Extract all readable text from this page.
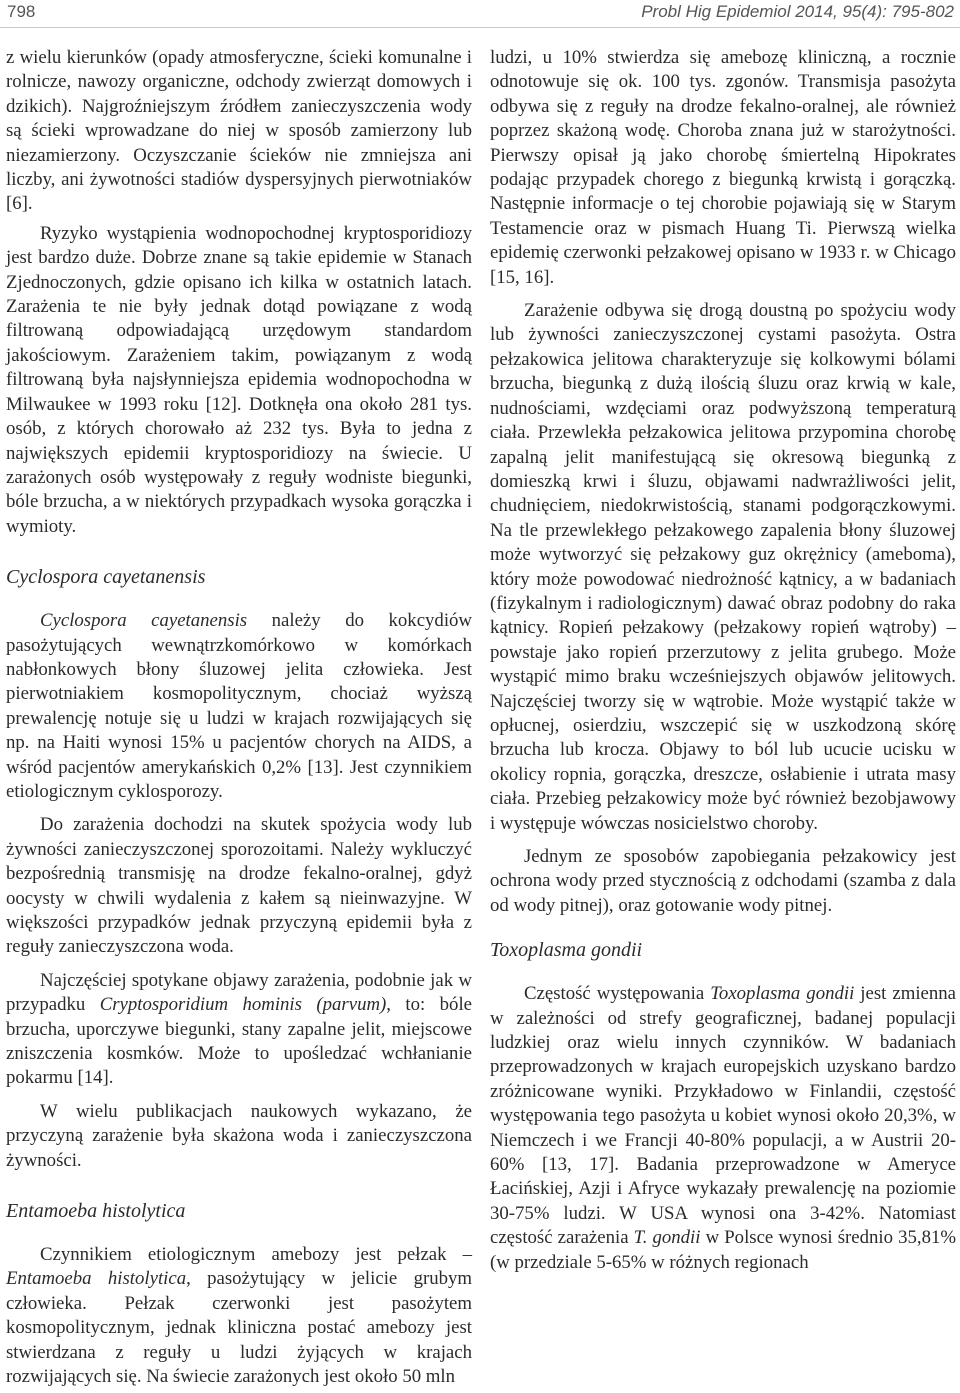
798	Probl Hig Epidemiol 2014, 95(4): 795-802

z wielu kierunków (opady atmosferyczne, ścieki komunalne i rolnicze, nawozy organiczne, odchody zwierząt domowych i dzikich). Najgroźniejszym źródłem zanieczyszczenia wody są ścieki wprowadzane do niej w sposób zamierzony lub niezamierzony. Oczyszczanie ścieków nie zmniejsza ani liczby, ani żywotności stadiów dyspersyjnych pierwotniaków [6].

Ryzyko wystąpienia wodnopochodnej kryptosporidiozy jest bardzo duże. Dobrze znane są takie epidemie w Stanach Zjednoczonych, gdzie opisano ich kilka w ostatnich latach. Zarażenia te nie były jednak dotąd powiązane z wodą filtrowaną odpowiadającą urzędowym standardom jakościowym. Zarażeniem takim, powiązanym z wodą filtrowaną była najsłynniejsza epidemia wodnopochodna w Milwaukee w 1993 roku [12]. Dotknęła ona około 281 tys. osób, z których chorowało aż 232 tys. Była to jedna z największych epidemii kryptosporidiozy na świecie. U zarażonych osób występowały z reguły wodniste biegunki, bóle brzucha, a w niektórych przypadkach wysoka gorączka i wymioty.

Cyclospora cayetanensis

Cyclospora cayetanensis należy do kokcydiów pasożytujących wewnątrzkomórkowo w komórkach nabłonkowych błony śluzowej jelita człowieka. Jest pierwotniakiem kosmopolitycznym, chociaż wyższą prewalencję notuje się u ludzi w krajach rozwijających się np. na Haiti wynosi 15% u pacjentów chorych na AIDS, a wśród pacjentów amerykańskich 0,2% [13]. Jest czynnikiem etiologicznym cyklosporozy.

Do zarażenia dochodzi na skutek spożycia wody lub żywności zanieczyszczonej sporozoitami. Należy wykluczyć bezpośrednią transmisję na drodze fekalno-oralnej, gdyż oocysty w chwili wydalenia z kałem są nieinwazyjne. W większości przypadków jednak przyczyną epidemii była z reguły zanieczyszczona woda.

Najczęściej spotykane objawy zarażenia, podobnie jak w przypadku Cryptosporidium hominis (parvum), to: bóle brzucha, uporczywe biegunki, stany zapalne jelit, miejscowe zniszczenia kosmków. Może to upośledzać wchłanianie pokarmu [14].

W wielu publikacjach naukowych wykazano, że przyczyną zarażenie była skażona woda i zanieczyszczona żywności.

Entamoeba histolytica

Czynnikiem etiologicznym amebozy jest pełzak – Entamoeba histolytica, pasożytujący w jelicie grubym człowieka. Pełzak czerwonki jest pasożytem kosmopolitycznym, jednak kliniczna postać amebozy jest stwierdzana z reguły u ludzi żyjących w krajach rozwijających się. Na świecie zarażonych jest około 50 mln

ludzi, u 10% stwierdza się amebozę kliniczną, a rocznie odnotowuje się ok. 100 tys. zgonów. Transmisja pasożyta odbywa się z reguły na drodze fekalno-oralnej, ale również poprzez skażoną wodę. Choroba znana już w starożytności. Pierwszy opisał ją jako chorobę śmiertelną Hipokrates podając przypadek chorego z biegunką krwistą i gorączką. Następnie informacje o tej chorobie pojawiają się w Starym Testamencie oraz w pismach Huang Ti. Pierwszą wielka epidemię czerwonki pełzakowej opisano w 1933 r. w Chicago [15, 16].

Zarażenie odbywa się drogą doustną po spożyciu wody lub żywności zanieczyszczonej cystami pasożyta. Ostra pełzakowica jelitowa charakteryzuje się kolkowymi bólami brzucha, biegunką z dużą ilością śluzu oraz krwią w kale, nudnościami, wzdęciami oraz podwyższoną temperaturą ciała. Przewlekła pełzakowica jelitowa przypomina chorobę zapalną jelit manifestującą się okresową biegunką z domieszką krwi i śluzu, objawami nadwrażliwości jelit, chudnięciem, niedokrwistością, stanami podgorączkowymi. Na tle przewlekłego pełzakowego zapalenia błony śluzowej może wytworzyć się pełzakowy guz okrężnicy (ameboma), który może powodować niedrożność kątnicy, a w badaniach (fizykalnym i radiologicznym) dawać obraz podobny do raka kątnicy. Ropień pełzakowy (pełzakowy ropień wątroby) – powstaje jako ropień przerzutowy z jelita grubego. Może wystąpić mimo braku wcześniejszych objawów jelitowych. Najczęściej tworzy się w wątrobie. Może wystąpić także w opłucnej, osierdziu, wszczepić się w uszkodzoną skórę brzucha lub krocza. Objawy to ból lub ucucie ucisku w okolicy ropnia, gorączka, dreszcze, osłabienie i utrata masy ciała. Przebieg pełzakowicy może być również bezobjawowy i występuje wówczas nosicielstwo choroby.

Jednym ze sposobów zapobiegania pełzakowicy jest ochrona wody przed stycznością z odchodami (szamba z dala od wody pitnej), oraz gotowanie wody pitnej.

Toxoplasma gondii

Częstość występowania Toxoplasma gondii jest zmienna w zależności od strefy geograficznej, badanej populacji ludzkiej oraz wielu innych czynników. W badaniach przeprowadzonych w krajach europejskich uzyskano bardzo zróżnicowane wyniki. Przykładowo w Finlandii, częstość występowania tego pasożyta u kobiet wynosi około 20,3%, w Niemczech i we Francji 40-80% populacji, a w Austrii 20-60% [13, 17]. Badania przeprowadzone w Ameryce Łacińskiej, Azji i Afryce wykazały prewalencję na poziomie 30-75% ludzi. W USA wynosi ona 3-42%. Natomiast częstość zarażenia T. gondii w Polsce wynosi średnio 35,81% (w przedziale 5-65% w różnych regionach
